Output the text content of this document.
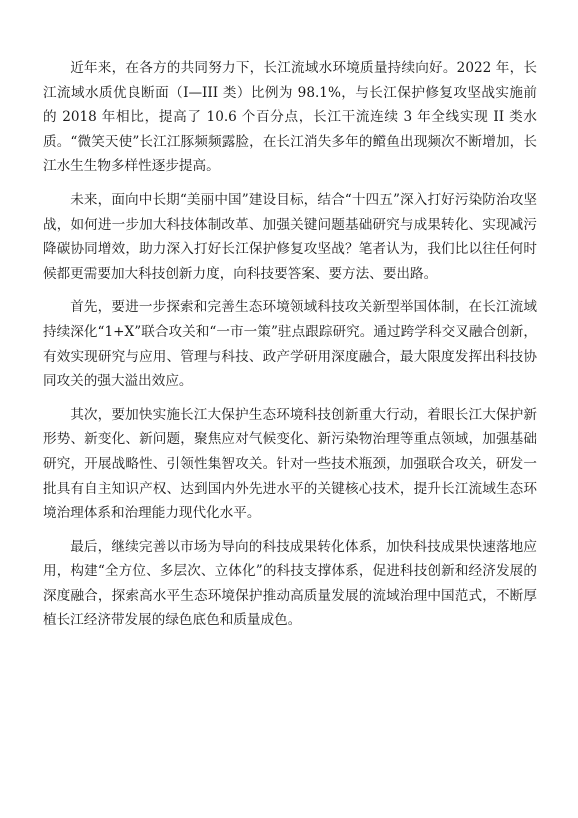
近年来，在各方的共同努力下，长江流域水环境质量持续向好。2022 年，长江流域水质优良断面（I—III 类）比例为 98.1%，与长江保护修复攻坚战实施前的 2018 年相比，提高了 10.6 个百分点，长江干流连续 3 年全线实现 II 类水质。“微笑天使”长江江豚频频露脸，在长江消失多年的鳤鱼出现频次不断增加，长江水生生物多样性逐步提高。

未来，面向中长期“美丽中国”建设目标，结合“十四五”深入打好污染防治攻坚战，如何进一步加大科技体制改革、加强关键问题基础研究与成果转化、实现减污降碳协同增效，助力深入打好长江保护修复攻坚战？笔者认为，我们比以往任何时候都更需要加大科技创新力度，向科技要答案、要方法、要出路。

首先，要进一步探索和完善生态环境领域科技攻关新型举国体制，在长江流域持续深化“1+X”联合攻关和“一市一策”驻点跟踪研究。通过跨学科交叉融合创新，有效实现研究与应用、管理与科技、政产学研用深度融合，最大限度发挥出科技协同攻关的强大溢出效应。

其次，要加快实施长江大保护生态环境科技创新重大行动，着眼长江大保护新形势、新变化、新问题，聚焦应对气候变化、新污染物治理等重点领域，加强基础研究，开展战略性、引领性集智攻关。针对一些技术瓶颈，加强联合攻关，研发一批具有自主知识产权、达到国内外先进水平的关键核心技术，提升长江流域生态环境治理体系和治理能力现代化水平。

最后，继续完善以市场为导向的科技成果转化体系，加快科技成果快速落地应用，构建“全方位、多层次、立体化”的科技支撑体系，促进科技创新和经济发展的深度融合，探索高水平生态环境保护推动高质量发展的流域治理中国范式，不断厚植长江经济带发展的绿色底色和质量成色。
